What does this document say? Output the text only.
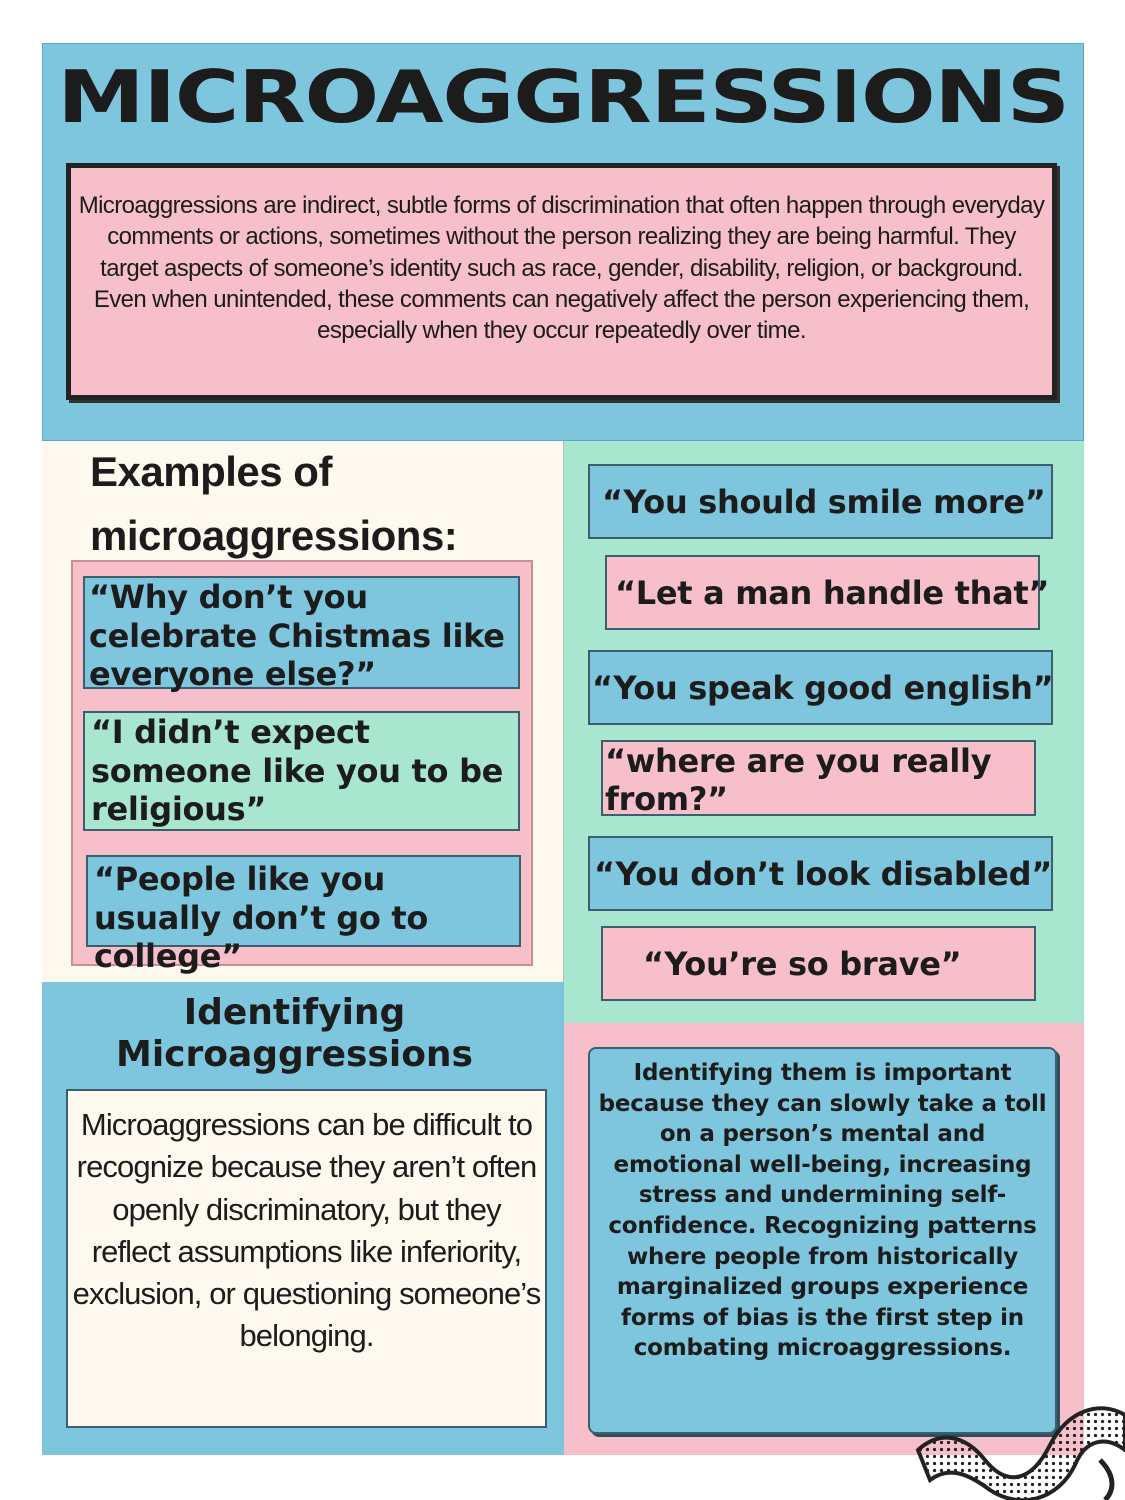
MICROAGGRESSIONS
Microaggressions are indirect, subtle forms of discrimination that often happen through everyday comments or actions, sometimes without the person realizing they are being harmful. They target aspects of someone’s identity such as race, gender, disability, religion, or background. Even when unintended, these comments can negatively affect the person experiencing them, especially when they occur repeatedly over time.
Examples of
microaggressions:
“Why don’t you celebrate Chistmas like everyone else?”
“I didn’t expect someone like you to be religious”
“People like you usually don’t go to college”
“You should smile more”
“Let a man handle that”
“You speak good english”
“where are you really from?”
“You don’t look disabled”
“You’re so brave”
Identifying
Microaggressions
Microaggressions can be difficult to recognize because they aren’t often openly discriminatory, but they reflect assumptions like inferiority, exclusion, or questioning someone’s belonging.
Identifying them is important because they can slowly take a toll on a person’s mental and emotional well-being, increasing stress and undermining self-confidence. Recognizing patterns where people from historically marginalized groups experience forms of bias is the first step in combating microaggressions.
